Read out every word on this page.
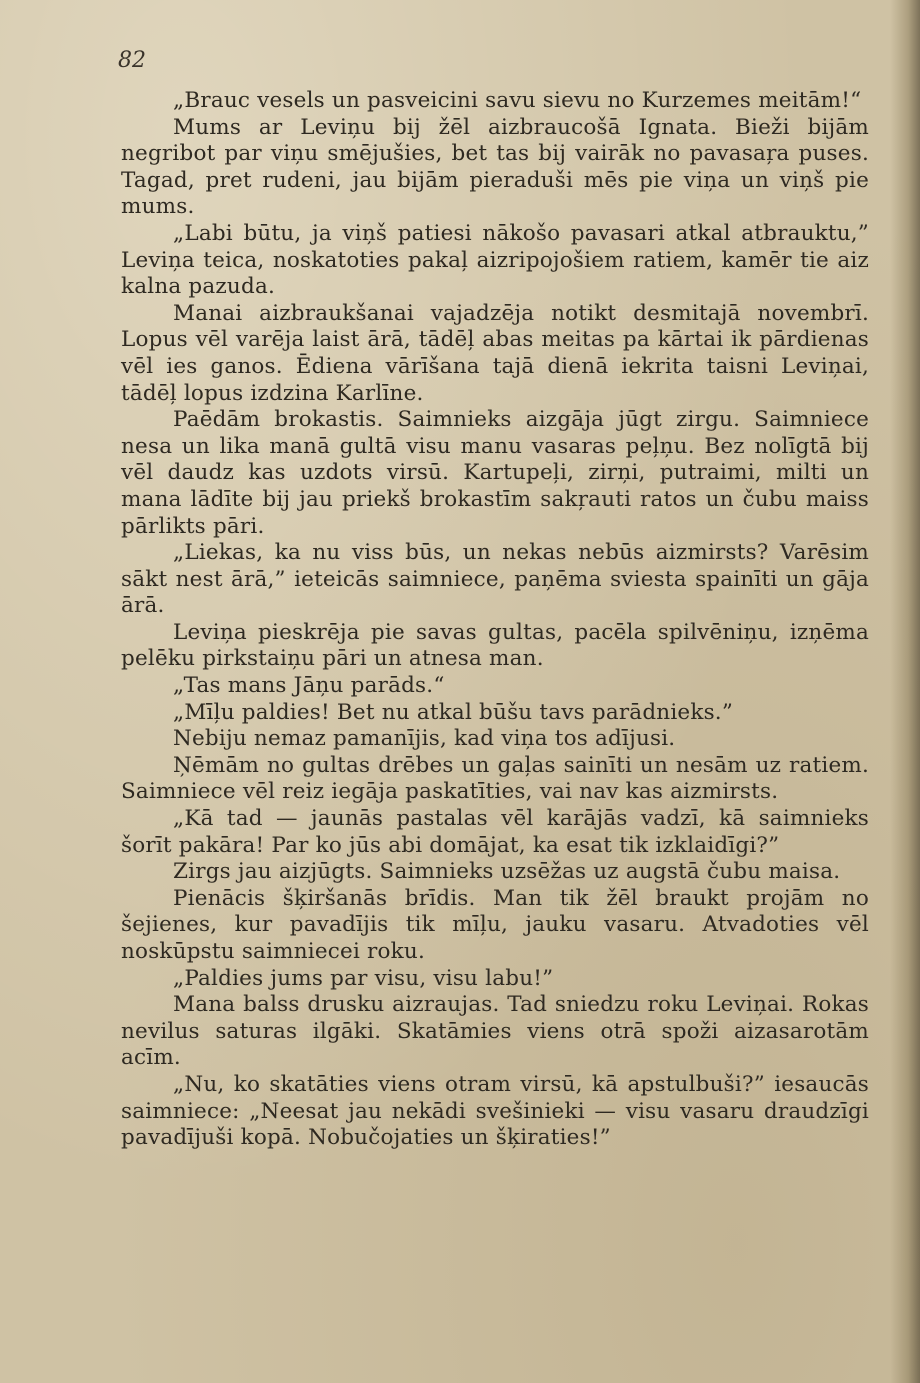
82

„Brauc vesels un pasveicini savu sievu no Kurzemes meitām!“

Mums ar Leviņu bij žēl aizbraucošā Ignata. Bieži bijām negribot par viņu smējušies, bet tas bij vairāk no pavasaŗa puses. Tagad, pret rudeni, jau bijām pieraduši mēs pie viņa un viņš pie mums.

„Labi būtu, ja viņš patiesi nākošo pavasari atkal atbrauktu,” Leviņa teica, noskatoties pakaļ aizripojošiem ratiem, kamēr tie aiz kalna pazuda.

Manai aizbraukšanai vajadzēja notikt desmitajā novembrī. Lopus vēl varēja laist ārā, tādēļ abas meitas pa kārtai ik pārdienas vēl ies ganos. Ēdiena vārīšana tajā dienā iekrita taisni Leviņai, tādēļ lopus izdzina Karlīne.

Paēdām brokastis. Saimnieks aizgāja jūgt zirgu. Saimniece nesa un lika manā gultā visu manu vasaras peļņu. Bez nolīgtā bij vēl daudz kas uzdots virsū. Kartupeļi, zirņi, putraimi, milti un mana lādīte bij jau priekš brokastīm sakŗauti ratos un čubu maiss pārlikts pāri.

„Liekas, ka nu viss būs, un nekas nebūs aizmirsts? Varēsim sākt nest ārā,” ieteicās saimniece, paņēma sviesta spainīti un gāja ārā.

Leviņa pieskrēja pie savas gultas, pacēla spilvēniņu, izņēma pelēku pirkstaiņu pāri un atnesa man.

„Tas mans Jāņu parāds.“

„Mīļu paldies! Bet nu atkal būšu tavs parādnieks.”

Nebiju nemaz pamanījis, kad viņa tos adījusi.

Ņēmām no gultas drēbes un gaļas sainīti un nesām uz ratiem. Saimniece vēl reiz iegāja paskatīties, vai nav kas aizmirsts.

„Kā tad — jaunās pastalas vēl karājās vadzī, kā saimnieks šorīt pakāra! Par ko jūs abi domājat, ka esat tik izklaidīgi?”

Zirgs jau aizjūgts. Saimnieks uzsēžas uz augstā čubu maisa.

Pienācis šķiršanās brīdis. Man tik žēl braukt projām no šejienes, kur pavadījis tik mīļu, jauku vasaru. Atvadoties vēl noskūpstu saimniecei roku.

„Paldies jums par visu, visu labu!”

Mana balss drusku aizraujas. Tad sniedzu roku Leviņai. Rokas nevilus saturas ilgāki. Skatāmies viens otrā spoži aizasarotām acīm.

„Nu, ko skatāties viens otram virsū, kā apstulbuši?” iesaucās saimniece: „Neesat jau nekādi svešinieki — visu vasaru draudzīgi pavadījuši kopā. Nobučojaties un šķiraties!”
